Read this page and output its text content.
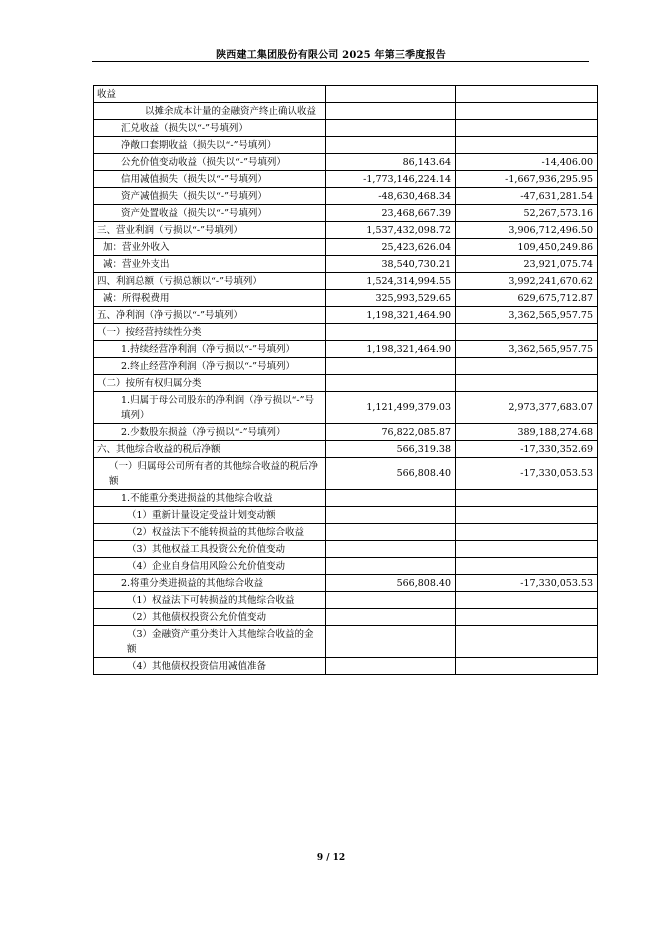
陕西建工集团股份有限公司 2025 年第三季度报告
收益		
以摊余成本计量的金融资产终止确认收益		
汇兑收益（损失以“-”号填列）		
净敞口套期收益（损失以“-”号填列）		
公允价值变动收益（损失以“-”号填列）	86,143.64	-14,406.00
信用减值损失（损失以“-”号填列）	-1,773,146,224.14	-1,667,936,295.95
资产减值损失（损失以“-”号填列）	-48,630,468.34	-47,631,281.54
资产处置收益（损失以“-”号填列）	23,468,667.39	52,267,573.16
三、营业利润（亏损以“-”号填列）	1,537,432,098.72	3,906,712,496.50
加：营业外收入	25,423,626.04	109,450,249.86
减：营业外支出	38,540,730.21	23,921,075.74
四、利润总额（亏损总额以“-”号填列）	1,524,314,994.55	3,992,241,670.62
减：所得税费用	325,993,529.65	629,675,712.87
五、净利润（净亏损以“-”号填列）	1,198,321,464.90	3,362,565,957.75
（一）按经营持续性分类		
1.持续经营净利润（净亏损以“-”号填列）	1,198,321,464.90	3,362,565,957.75
2.终止经营净利润（净亏损以“-”号填列）		
（二）按所有权归属分类		
1.归属于母公司股东的净利润（净亏损以“-”号填列）	1,121,499,379.03	2,973,377,683.07
2.少数股东损益（净亏损以“-”号填列）	76,822,085.87	389,188,274.68
六、其他综合收益的税后净额	566,319.38	-17,330,352.69
（一）归属母公司所有者的其他综合收益的税后净额	566,808.40	-17,330,053.53
1.不能重分类进损益的其他综合收益		
（1）重新计量设定受益计划变动额		
（2）权益法下不能转损益的其他综合收益		
（3）其他权益工具投资公允价值变动		
（4）企业自身信用风险公允价值变动		
2.将重分类进损益的其他综合收益	566,808.40	-17,330,053.53
（1）权益法下可转损益的其他综合收益		
（2）其他债权投资公允价值变动		
（3）金融资产重分类计入其他综合收益的金额		
（4）其他债权投资信用减值准备		
9 / 12
